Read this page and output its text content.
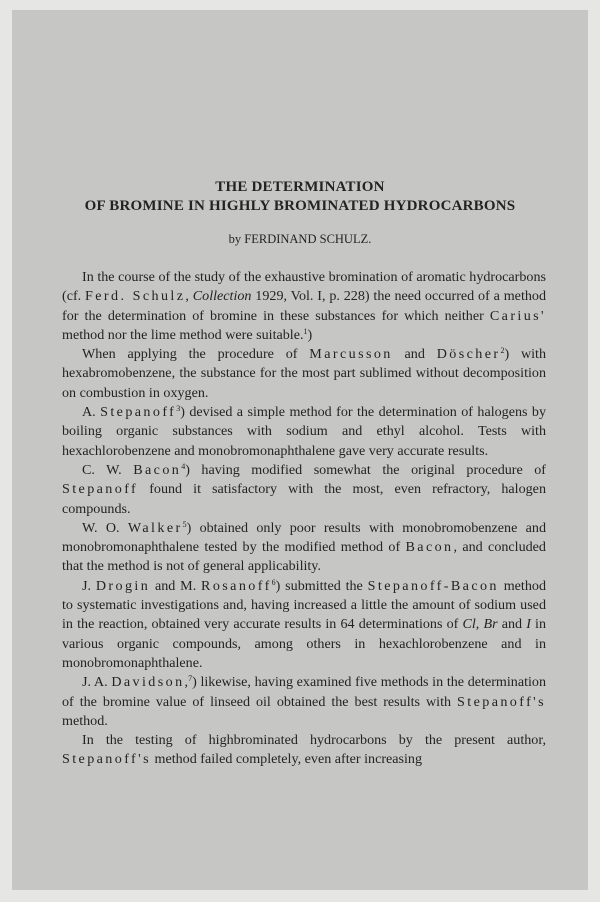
THE DETERMINATION
OF BROMINE IN HIGHLY BROMINATED HYDROCARBONS
by FERDINAND SCHULZ.

In the course of the study of the exhaustive bromination of aromatic hydrocarbons (cf. Ferd. Schulz, Collection 1929, Vol. I, p. 228) the need occurred of a method for the determination of bromine in these substances for which neither Carius' method nor the lime method were suitable.$^1$)

When applying the procedure of Marcusson and Döscher$^2$) with hexabromobenzene, the substance for the most part sublimed without decomposition on combustion in oxygen.

A. Stepanoff$^3$) devised a simple method for the determination of halogens by boiling organic substances with sodium and ethyl alcohol. Tests with hexachlorobenzene and monobromonaphthalene gave very accurate results.

C. W. Bacon$^4$) having modified somewhat the original procedure of Stepanoff found it satisfactory with the most, even refractory, halogen compounds.

W. O. Walker$^5$) obtained only poor results with monobromobenzene and monobromonaphthalene tested by the modified method of Bacon, and concluded that the method is not of general applicability.

J. Drogin and M. Rosanoff$^6$) submitted the Stepanoff-Bacon method to systematic investigations and, having increased a little the amount of sodium used in the reaction, obtained very accurate results in 64 determinations of Cl, Br and I in various organic compounds, among others in hexachlorobenzene and in monobromonaphthalene.

J. A. Davidson,$^7$) likewise, having examined five methods in the determination of the bromine value of linseed oil obtained the best results with Stepanoff's method.

In the testing of highbrominated hydrocarbons by the present author, Stepanoff's method failed completely, even after increasing
